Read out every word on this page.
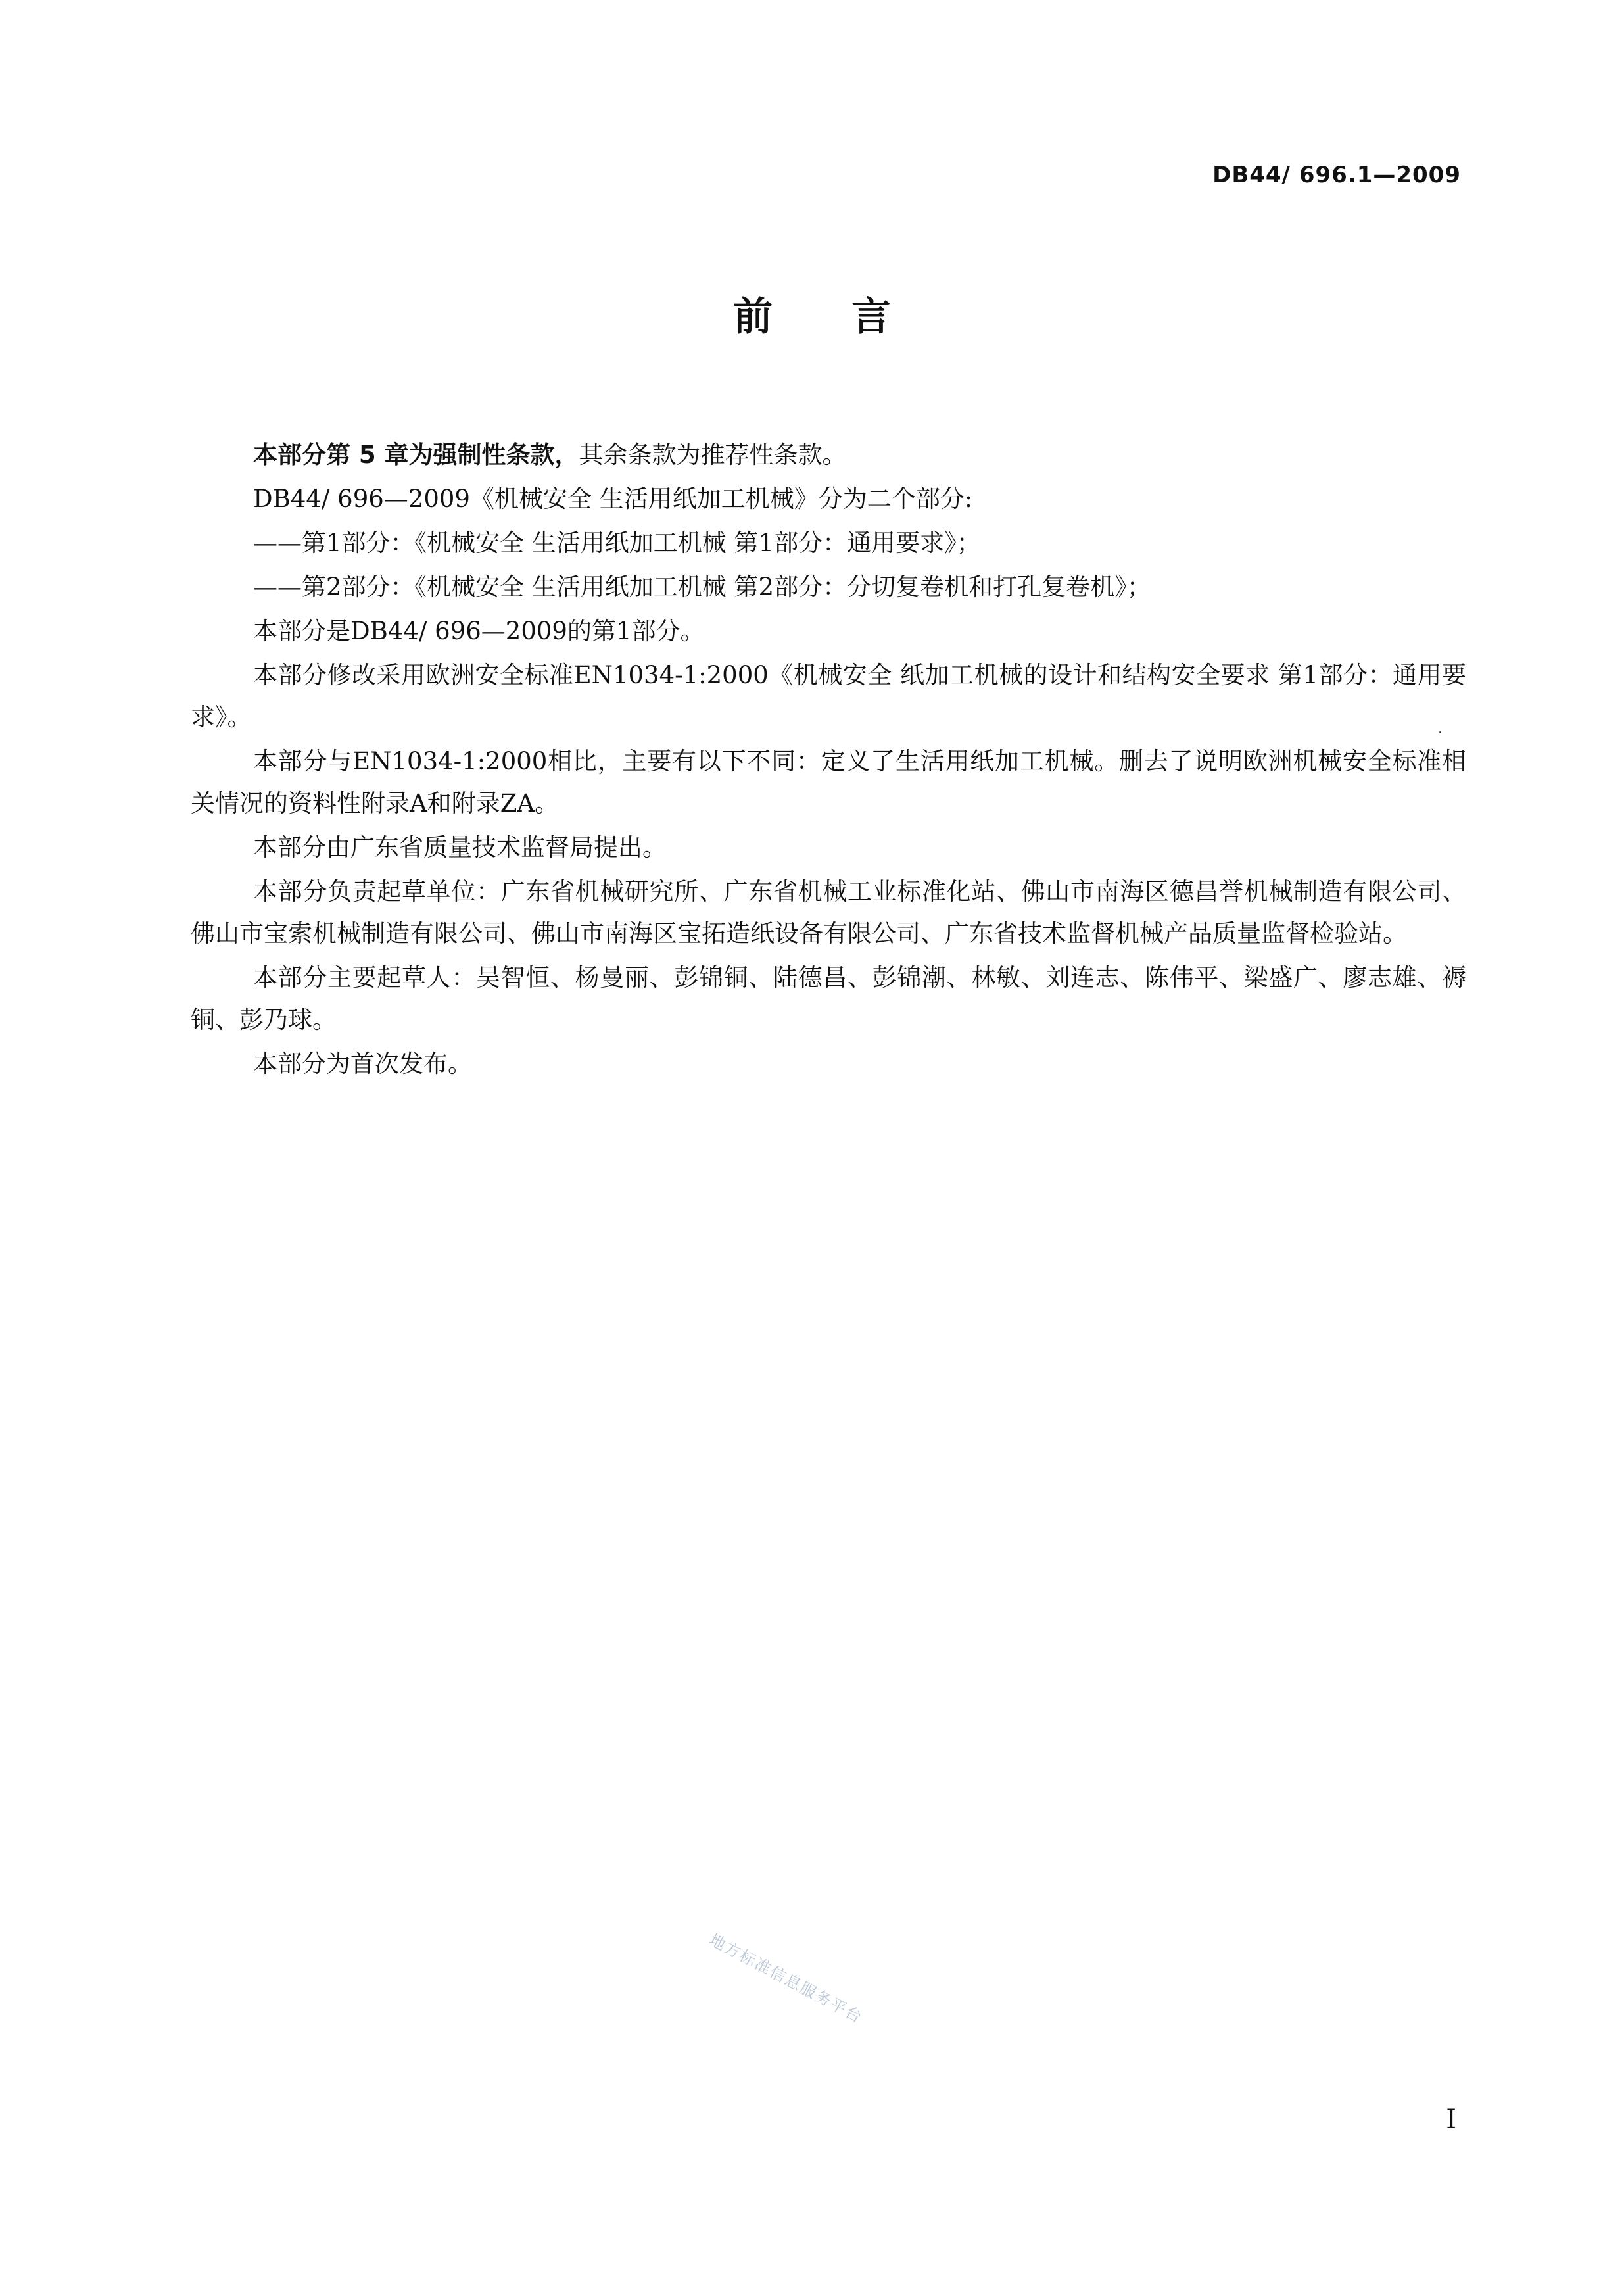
DB44/ 696.1—2009
前言

本部分第 5 章为强制性条款，其余条款为推荐性条款。

DB44/ 696—2009《机械安全 生活用纸加工机械》分为二个部分:

——第1部分：《机械安全 生活用纸加工机械 第1部分：通用要求》；

——第2部分：《机械安全 生活用纸加工机械 第2部分：分切复卷机和打孔复卷机》；

本部分是DB44/ 696—2009的第1部分。

本部分修改采用欧洲安全标准EN1034-1:2000《机械安全 纸加工机械的设计和结构安全要求 第1部分：通用要求》。

本部分与EN1034-1:2000相比，主要有以下不同：定义了生活用纸加工机械。删去了说明欧洲机械安全标准相关情况的资料性附录A和附录ZA。

本部分由广东省质量技术监督局提出。

本部分负责起草单位：广东省机械研究所、广东省机械工业标准化站、佛山市南海区德昌誉机械制造有限公司、佛山市宝索机械制造有限公司、佛山市南海区宝拓造纸设备有限公司、广东省技术监督机械产品质量监督检验站。

本部分主要起草人：吴智恒、杨曼丽、彭锦铜、陆德昌、彭锦潮、林敏、刘连志、陈伟平、梁盛广、廖志雄、褥铜、彭乃球。

本部分为首次发布。

地方标准信息服务平台
I
